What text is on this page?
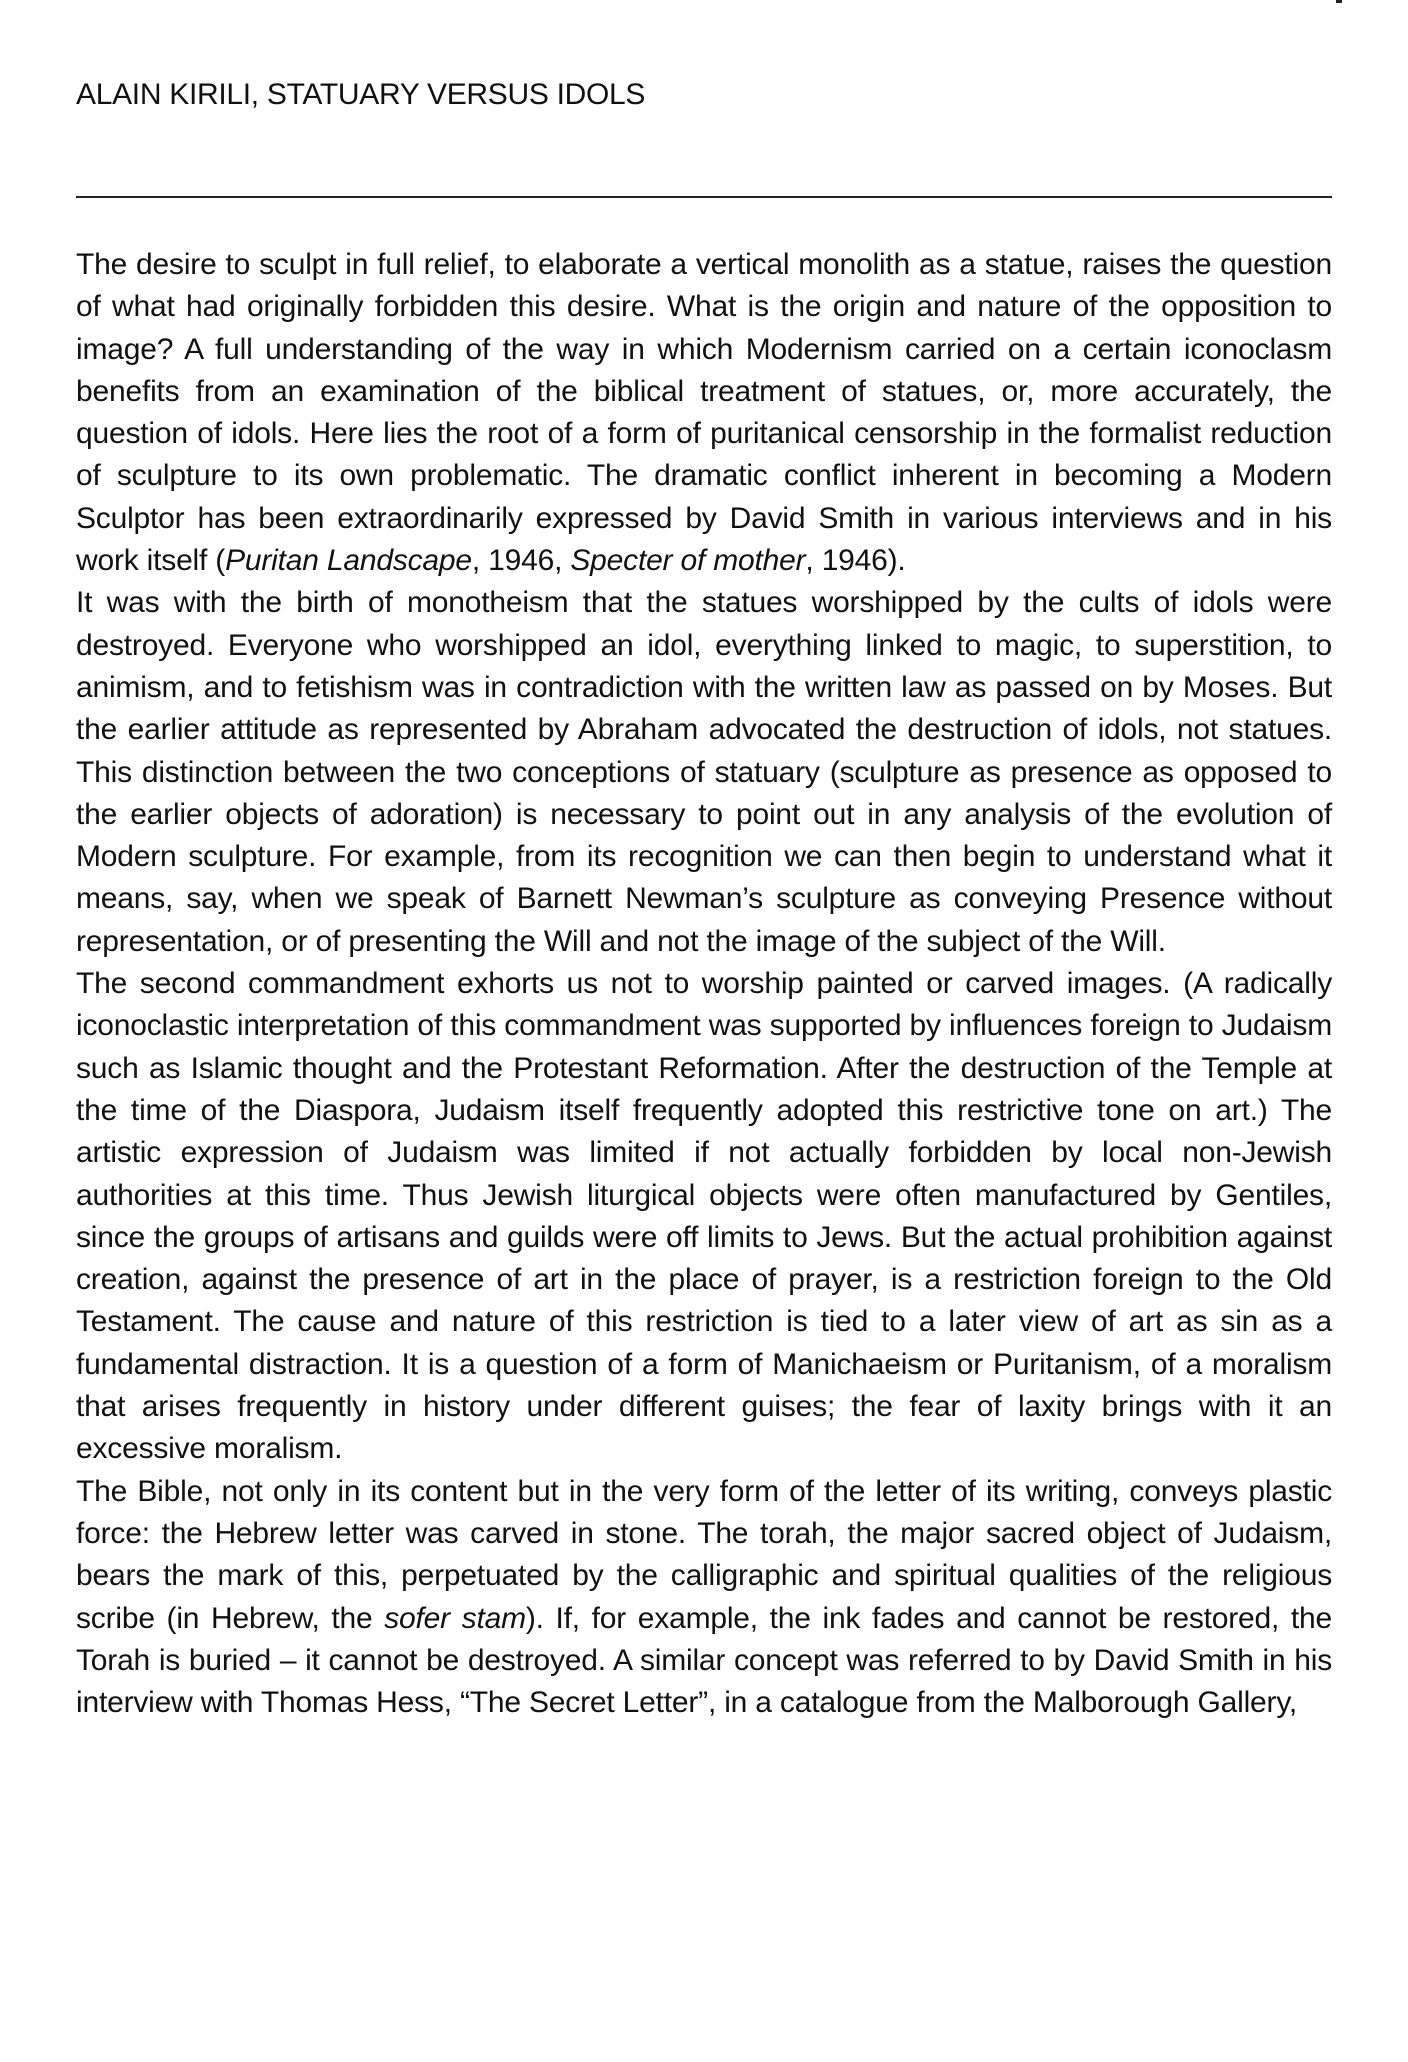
ALAIN KIRILI, STATUARY VERSUS IDOLS

The desire to sculpt in full relief, to elaborate a vertical monolith as a statue, raises the question of what had originally forbidden this desire. What is the origin and nature of the opposition to image? A full understanding of the way in which Modernism carried on a certain iconoclasm benefits from an examination of the biblical treatment of statues, or, more accurately, the question of idols. Here lies the root of a form of puritanical censorship in the formalist reduction of sculpture to its own problematic. The dramatic conflict inherent in becoming a Modern Sculptor has been extraordinarily expressed by David Smith in various interviews and in his work itself (Puritan Landscape, 1946, Specter of mother, 1946).

It was with the birth of monotheism that the statues worshipped by the cults of idols were destroyed. Everyone who worshipped an idol, everything linked to magic, to superstition, to animism, and to fetishism was in contradiction with the written law as passed on by Moses. But the earlier attitude as represented by Abraham advocated the destruction of idols, not statues. This distinction between the two conceptions of statuary (sculpture as presence as opposed to the earlier objects of adoration) is necessary to point out in any analysis of the evolution of Modern sculpture. For example, from its recognition we can then begin to understand what it means, say, when we speak of Barnett Newman’s sculpture as conveying Presence without representation, or of presenting the Will and not the image of the subject of the Will.

The second commandment exhorts us not to worship painted or carved images. (A radically iconoclastic interpretation of this commandment was supported by influences foreign to Judaism such as Islamic thought and the Protestant Reformation. After the destruction of the Temple at the time of the Diaspora, Judaism itself frequently adopted this restrictive tone on art.) The artistic expression of Judaism was limited if not actually forbidden by local non-Jewish authorities at this time. Thus Jewish liturgical objects were often manufactured by Gentiles, since the groups of artisans and guilds were off limits to Jews. But the actual prohibition against creation, against the presence of art in the place of prayer, is a restriction foreign to the Old Testament. The cause and nature of this restriction is tied to a later view of art as sin as a fundamental distraction. It is a question of a form of Manichaeism or Puritanism, of a moralism that arises frequently in history under different guises; the fear of laxity brings with it an excessive moralism.

The Bible, not only in its content but in the very form of the letter of its writing, conveys plastic force: the Hebrew letter was carved in stone. The torah, the major sacred object of Judaism, bears the mark of this, perpetuated by the calligraphic and spiritual qualities of the religious scribe (in Hebrew, the sofer stam). If, for example, the ink fades and cannot be restored, the Torah is buried – it cannot be destroyed. A similar concept was referred to by David Smith in his interview with Thomas Hess, “The Secret Letter”, in a catalogue from the Malborough Gallery,
